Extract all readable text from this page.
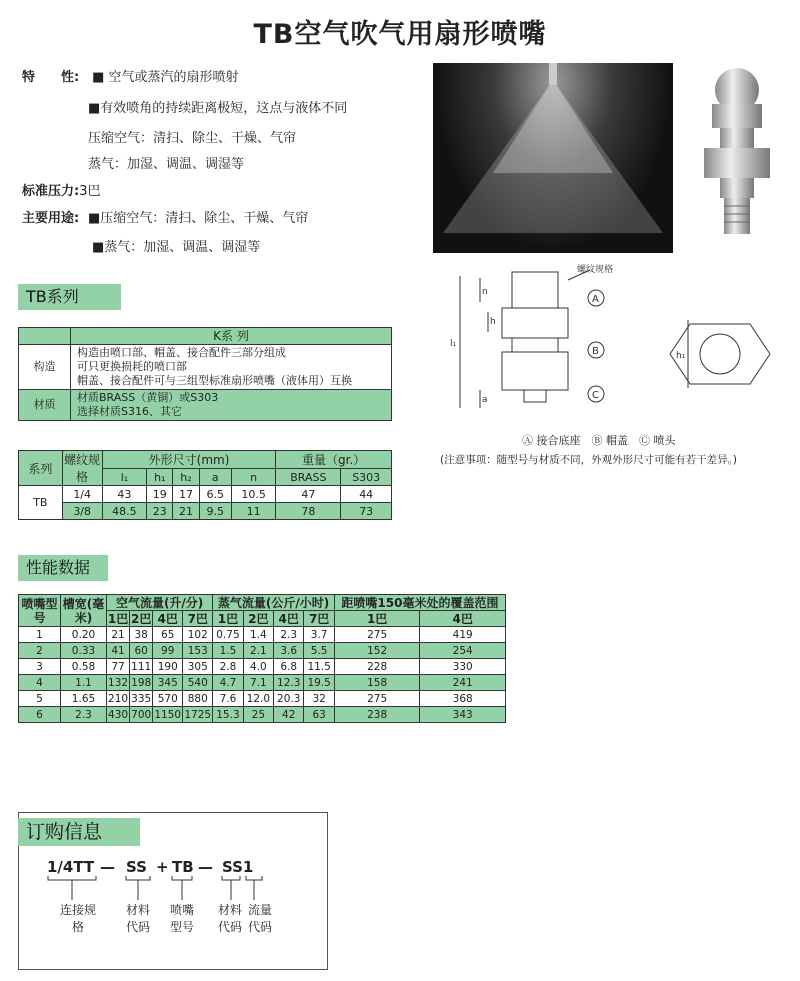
TB空气吹气用扇形喷嘴
特　　性: ■ 空气或蒸汽的扇形喷射
■有效喷角的持续距离极短，这点与液体不同
压缩空气：清扫、除尘、干燥、气帘
蒸气：加湿、调温、调湿等
标准压力:3巴
主要用途: ■压缩空气：清扫、除尘、干燥、气帘
■蒸气：加湿、调温、调湿等
螺纹规格
A
B
C
n
h
l₁
a
h₁
Ⓐ 接合底座　Ⓑ 帽盖　Ⓒ 喷头
(注意事项：随型号与材质不同，外观外形尺寸可能有若干差异。)
TB系列
	K系 列
构造	构造由喷口部、帽盖、接合配件三部分组成
可只更换损耗的喷口部
帽盖、接合配件可与三组型标准扇形喷嘴（液体用）互换

材质	材质BRASS（黄铜）或S303
选择材质S316、其它
系列	螺纹规格	外形尺寸(mm)					重量（gr.）	
		l₁	h₁	h₂	a	n	BRASS	S303
TB	1/4	43	19	17	6.5	10.5	47	44
	3/8	48.5	23	21	9.5	11	78	73
性能数据
喷嘴型号	槽宽(毫米)	空气流量(升/分)				蒸气流量(公斤/小时)				距喷嘴150毫米处的覆盖范围	
		1巴	2巴	4巴	7巴	1巴	2巴	4巴	7巴	1巴	4巴
1	0.20	21	38	65	102	0.75	1.4	2.3	3.7	275	419
2	0.33	41	60	99	153	1.5	2.1	3.6	5.5	152	254
3	0.58	77	111	190	305	2.8	4.0	6.8	11.5	228	330
4	1.1	132	198	345	540	4.7	7.1	12.3	19.5	158	241
5	1.65	210	335	570	880	7.6	12.0	20.3	32	275	368
6	2.3	430	700	1150	1725	15.3	25	42	63	238	343
订购信息
1/4TT — SS + TB — SS1
连接规格
材料代码
喷嘴型号
材料代码
流量代码
